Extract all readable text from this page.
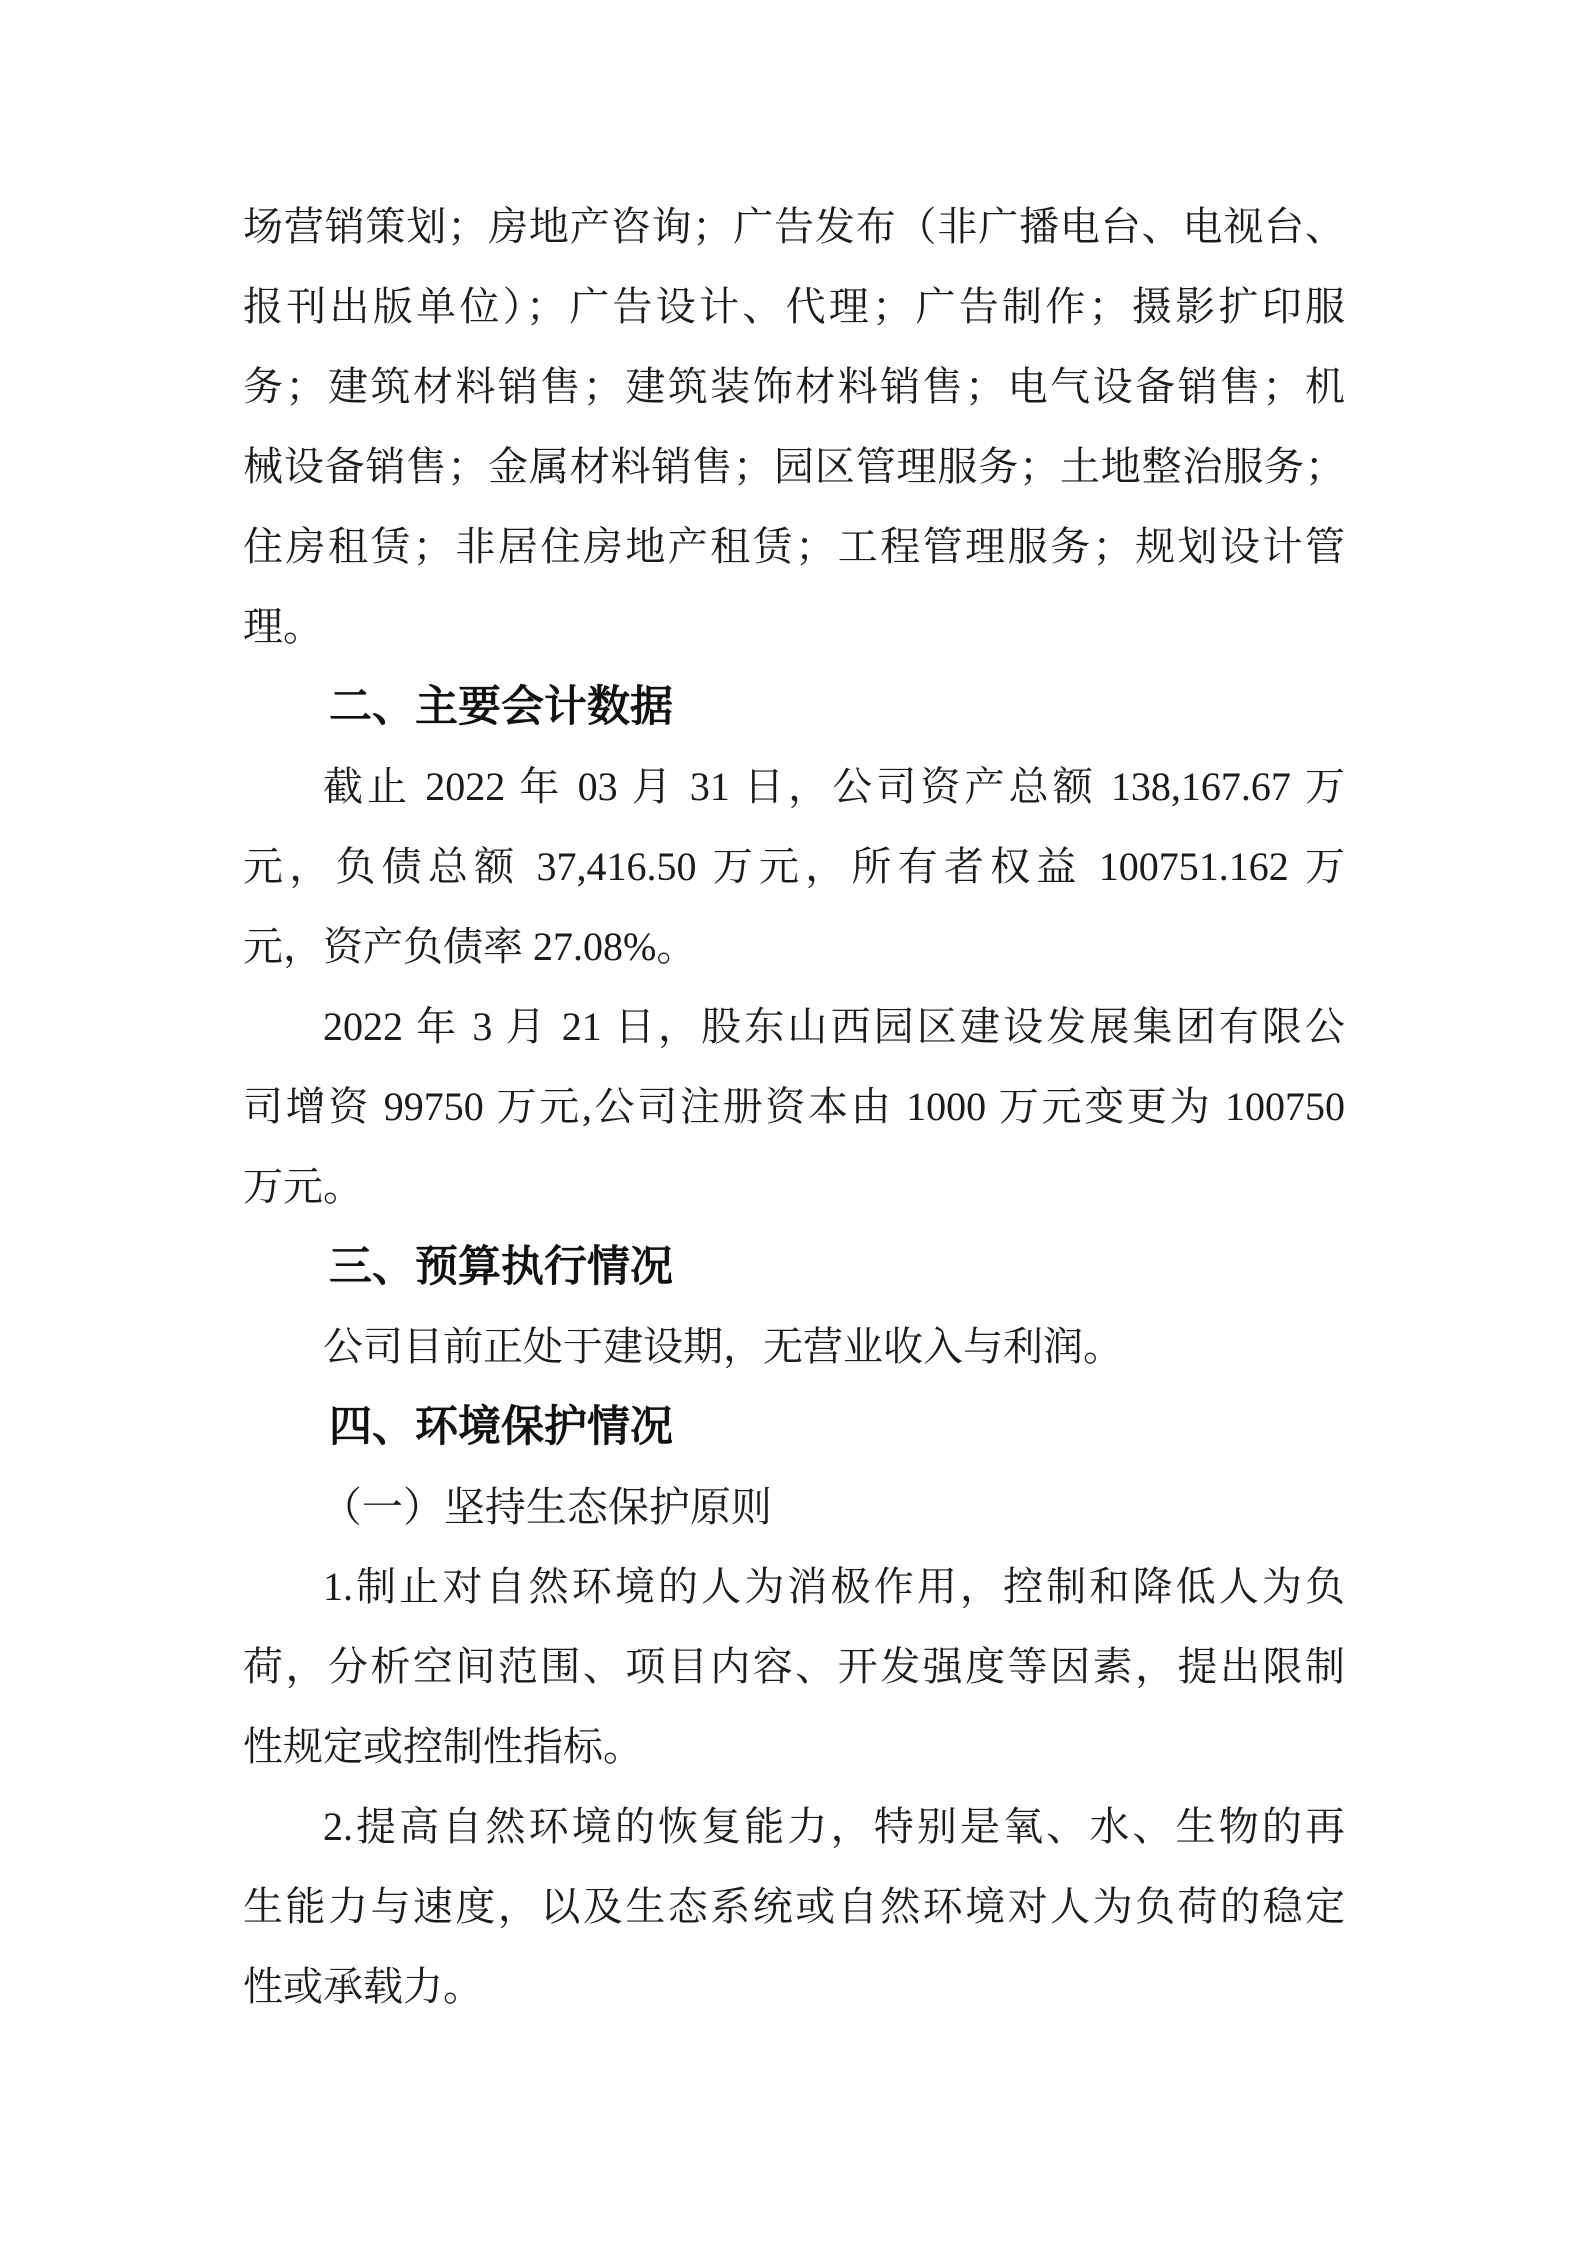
场营销策划；房地产咨询；广告发布（非广播电台、电视台、
报刊出版单位）；广告设计、代理；广告制作；摄影扩印服
务；建筑材料销售；建筑装饰材料销售；电气设备销售；机
械设备销售；金属材料销售；园区管理服务；土地整治服务；
住房租赁；非居住房地产租赁；工程管理服务；规划设计管
理。
二、主要会计数据
截止 2022 年 03 月 31 日，公司资产总额 138,167.67 万
元，负债总额 37,416.50 万元，所有者权益 100751.162 万
元，资产负债率 27.08%。
2022 年 3 月 21 日，股东山西园区建设发展集团有限公
司增资 99750 万元,公司注册资本由 1000 万元变更为 100750
万元。
三、预算执行情况
公司目前正处于建设期，无营业收入与利润。
四、环境保护情况
（一）坚持生态保护原则
1.制止对自然环境的人为消极作用，控制和降低人为负
荷，分析空间范围、项目内容、开发强度等因素，提出限制
性规定或控制性指标。
2.提高自然环境的恢复能力，特别是氧、水、生物的再
生能力与速度，以及生态系统或自然环境对人为负荷的稳定
性或承载力。
